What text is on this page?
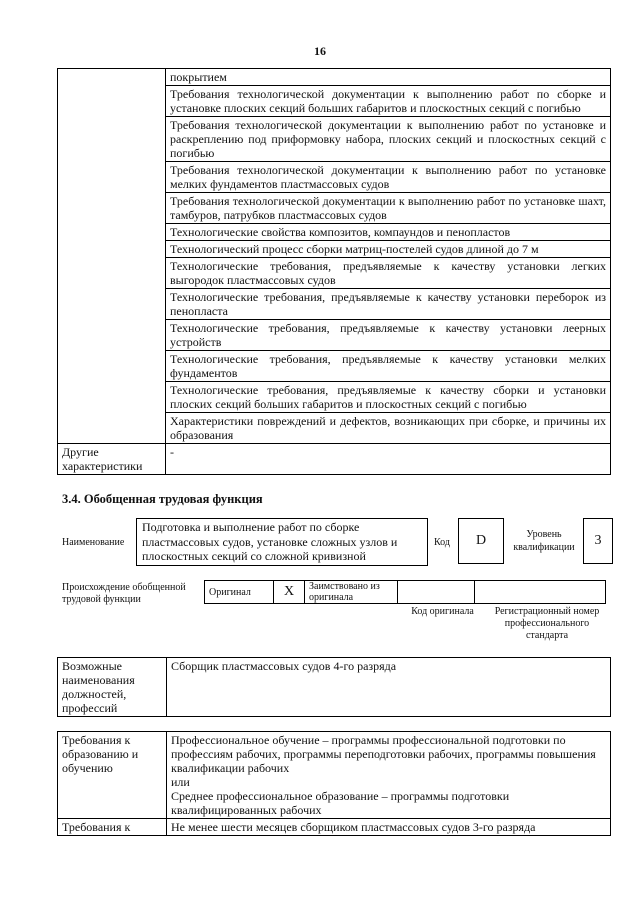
16
	покрытием
	Требования технологической документации к выполнению работ по сборке и установке плоских секций больших габаритов и плоскостных секций с погибью
	Требования технологической документации к выполнению работ по установке и раскреплению под приформовку набора, плоских секций и плоскостных секций с погибью
	Требования технологической документации к выполнению работ по установке мелких фундаментов пластмассовых судов
	Требования технологической документации к выполнению работ по установке шахт, тамбуров, патрубков пластмассовых судов
	Технологические свойства композитов, компаундов и пенопластов
	Технологический процесс сборки матриц-постелей судов длиной до 7 м
	Технологические требования, предъявляемые к качеству установки легких выгородок пластмассовых судов
	Технологические требования, предъявляемые к качеству установки переборок из пенопласта
	Технологические требования, предъявляемые к качеству установки леерных устройств
	Технологические требования, предъявляемые к качеству установки мелких фундаментов
	Технологические требования, предъявляемые к качеству сборки и установки плоских секций больших габаритов и плоскостных секций с погибью
	Характеристики повреждений и дефектов, возникающих при сборке, и причины их образования
Другие характеристики	-
3.4. Обобщенная трудовая функция
Наименование
Подготовка и выполнение работ по сборке пластмассовых судов, установке сложных узлов и плоскостных секций со сложной кривизной
Код	D	Уровень квалификации	3
Происхождение обобщенной трудовой функции
Оригинал	X	Заимствовано из оригинала		
Код оригинала	Регистрационный номер профессионального стандарта
Возможные наименования должностей, профессий	Сборщик пластмассовых судов 4-го разряда
Требования к образованию и обучению	Профессиональное обучение – программы профессиональной подготовки по профессиям рабочих, программы переподготовки рабочих, программы повышения квалификации рабочих
или
Среднее профессиональное образование – программы подготовки квалифицированных рабочих

Требования к	Не менее шести месяцев сборщиком пластмассовых судов 3-го разряда
